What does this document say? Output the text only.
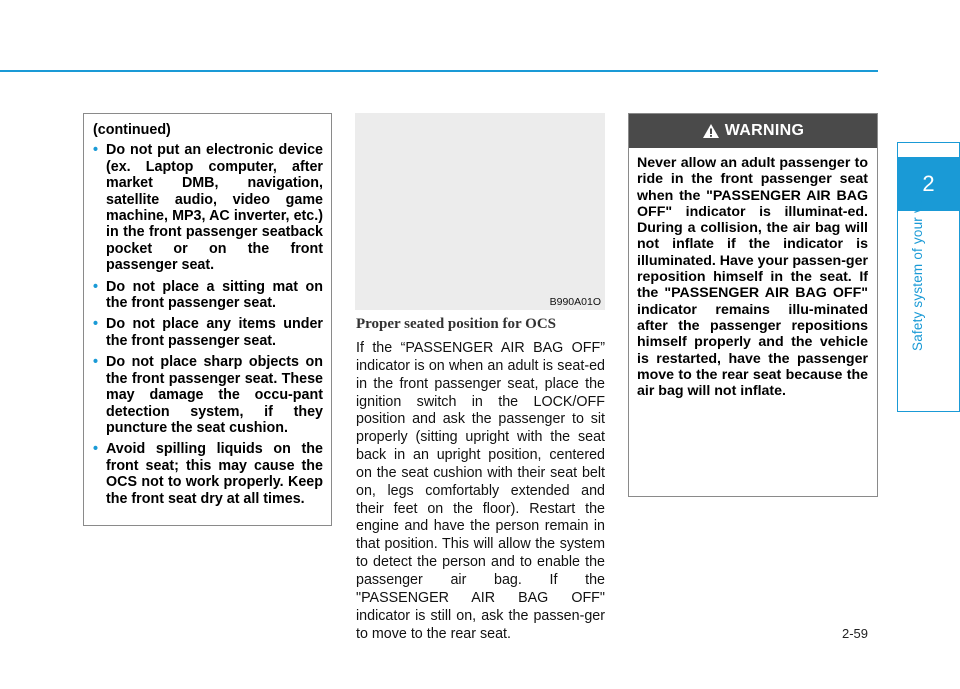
(continued)
• Do not put an electronic device (ex. Laptop computer, after market DMB, navigation, satellite audio, video game machine, MP3, AC inverter, etc.) in the front passenger seatback pocket or on the front passenger seat.
• Do not place a sitting mat on the front passenger seat.
• Do not place any items under the front passenger seat.
• Do not place sharp objects on the front passenger seat. These may damage the occu-pant detection system, if they puncture the seat cushion.
• Avoid spilling liquids on the front seat; this may cause the OCS not to work properly. Keep the front seat dry at all times.
B990A01O
Proper seated position for OCS
If the “PASSENGER AIR BAG OFF” indicator is on when an adult is seat-ed in the front passenger seat, place the ignition switch in the LOCK/OFF position and ask the passenger to sit properly (sitting upright with the seat back in an upright position, centered on the seat cushion with their seat belt on, legs comfortably extended and their feet on the floor). Restart the engine and have the person remain in that position. This will allow the system to detect the person and to enable the passenger air bag. If the "PASSENGER AIR BAG OFF" indicator is still on, ask the passen-ger to move to the rear seat.
WARNING
Never allow an adult passenger to ride in the front passenger seat when the "PASSENGER AIR BAG OFF" indicator is illuminat-ed. During a collision, the air bag will not inflate if the indicator is illuminated. Have your passen-ger reposition himself in the seat. If the "PASSENGER AIR BAG OFF" indicator remains illu-minated after the passenger repositions himself properly and the vehicle is restarted, have the passenger move to the rear seat because the air bag will not inflate.
2
Safety system of your vehicle
2-59
